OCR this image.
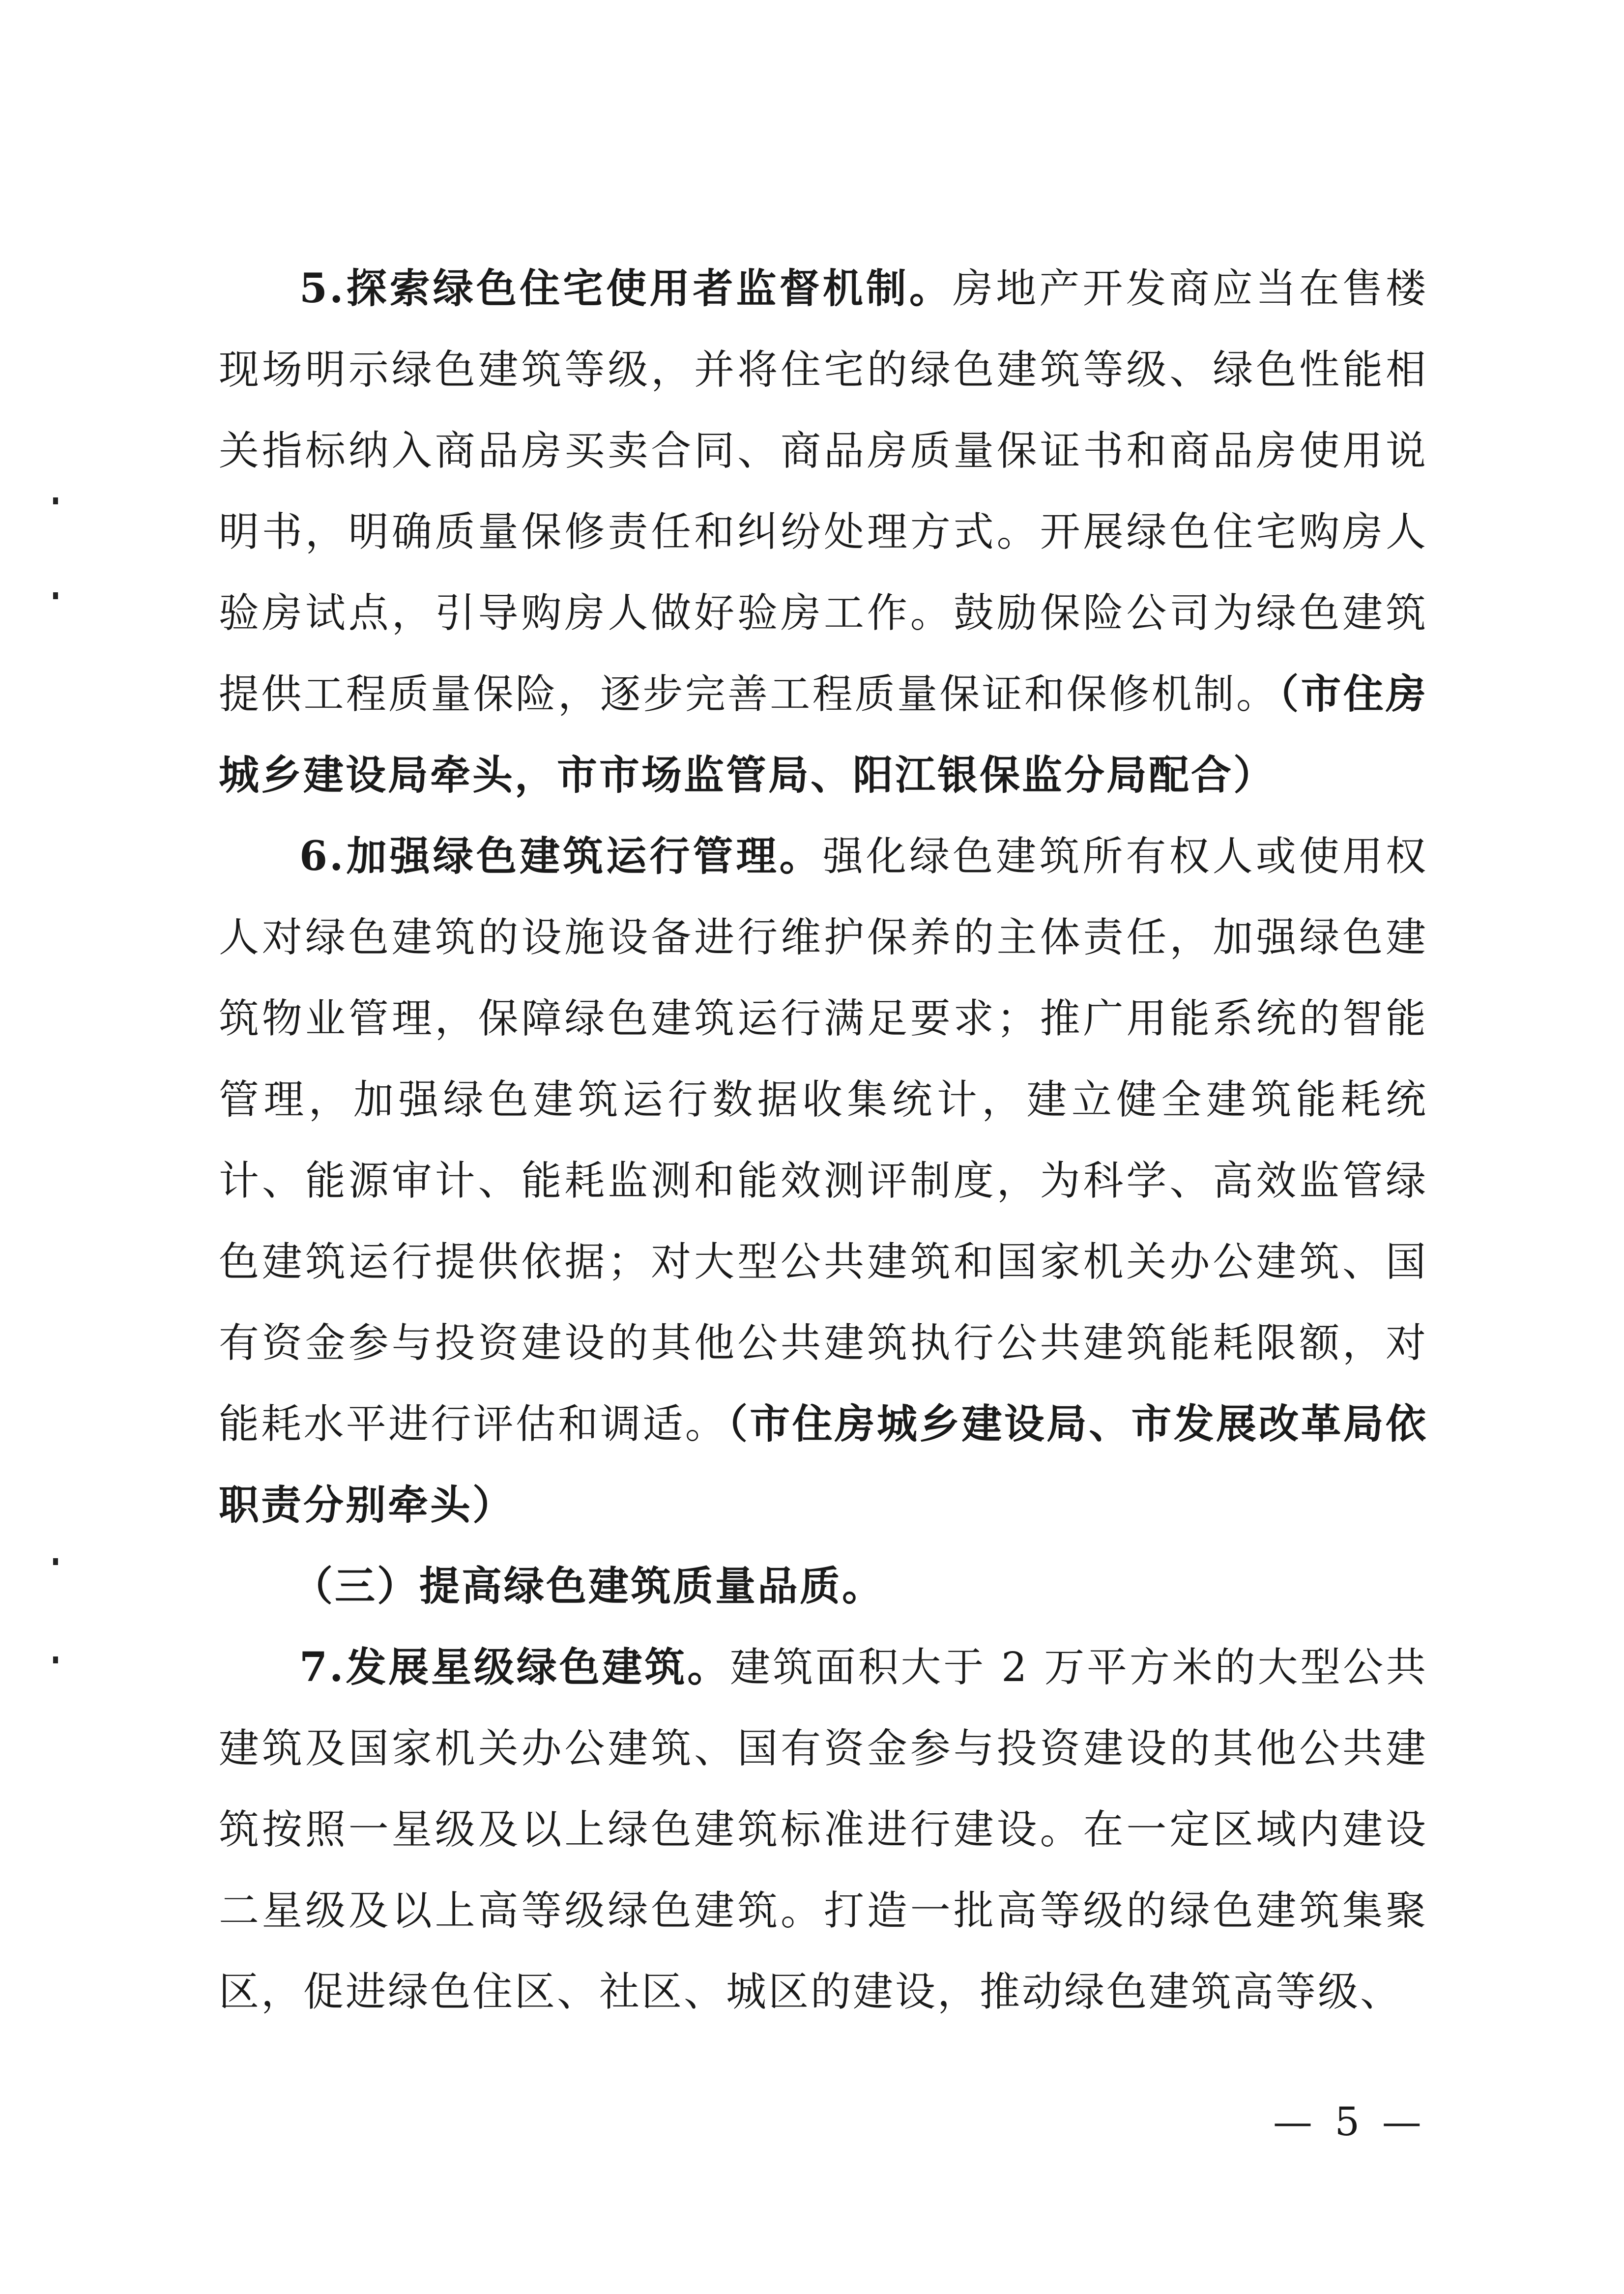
5.探索绿色住宅使用者监督机制。房地产开发商应当在售楼现场明示绿色建筑等级，并将住宅的绿色建筑等级、绿色性能相关指标纳入商品房买卖合同、商品房质量保证书和商品房使用说明书，明确质量保修责任和纠纷处理方式。开展绿色住宅购房人验房试点，引导购房人做好验房工作。鼓励保险公司为绿色建筑提供工程质量保险，逐步完善工程质量保证和保修机制。（市住房城乡建设局牵头，市市场监管局、阳江银保监分局配合）

6.加强绿色建筑运行管理。强化绿色建筑所有权人或使用权人对绿色建筑的设施设备进行维护保养的主体责任，加强绿色建筑物业管理，保障绿色建筑运行满足要求；推广用能系统的智能管理，加强绿色建筑运行数据收集统计，建立健全建筑能耗统计、能源审计、能耗监测和能效测评制度，为科学、高效监管绿色建筑运行提供依据；对大型公共建筑和国家机关办公建筑、国有资金参与投资建设的其他公共建筑执行公共建筑能耗限额，对能耗水平进行评估和调适。（市住房城乡建设局、市发展改革局依职责分别牵头）

（三）提高绿色建筑质量品质。

7.发展星级绿色建筑。建筑面积大于 2 万平方米的大型公共建筑及国家机关办公建筑、国有资金参与投资建设的其他公共建筑按照一星级及以上绿色建筑标准进行建设。在一定区域内建设二星级及以上高等级绿色建筑。打造一批高等级的绿色建筑集聚区，促进绿色住区、社区、城区的建设，推动绿色建筑高等级、

— 5 —
